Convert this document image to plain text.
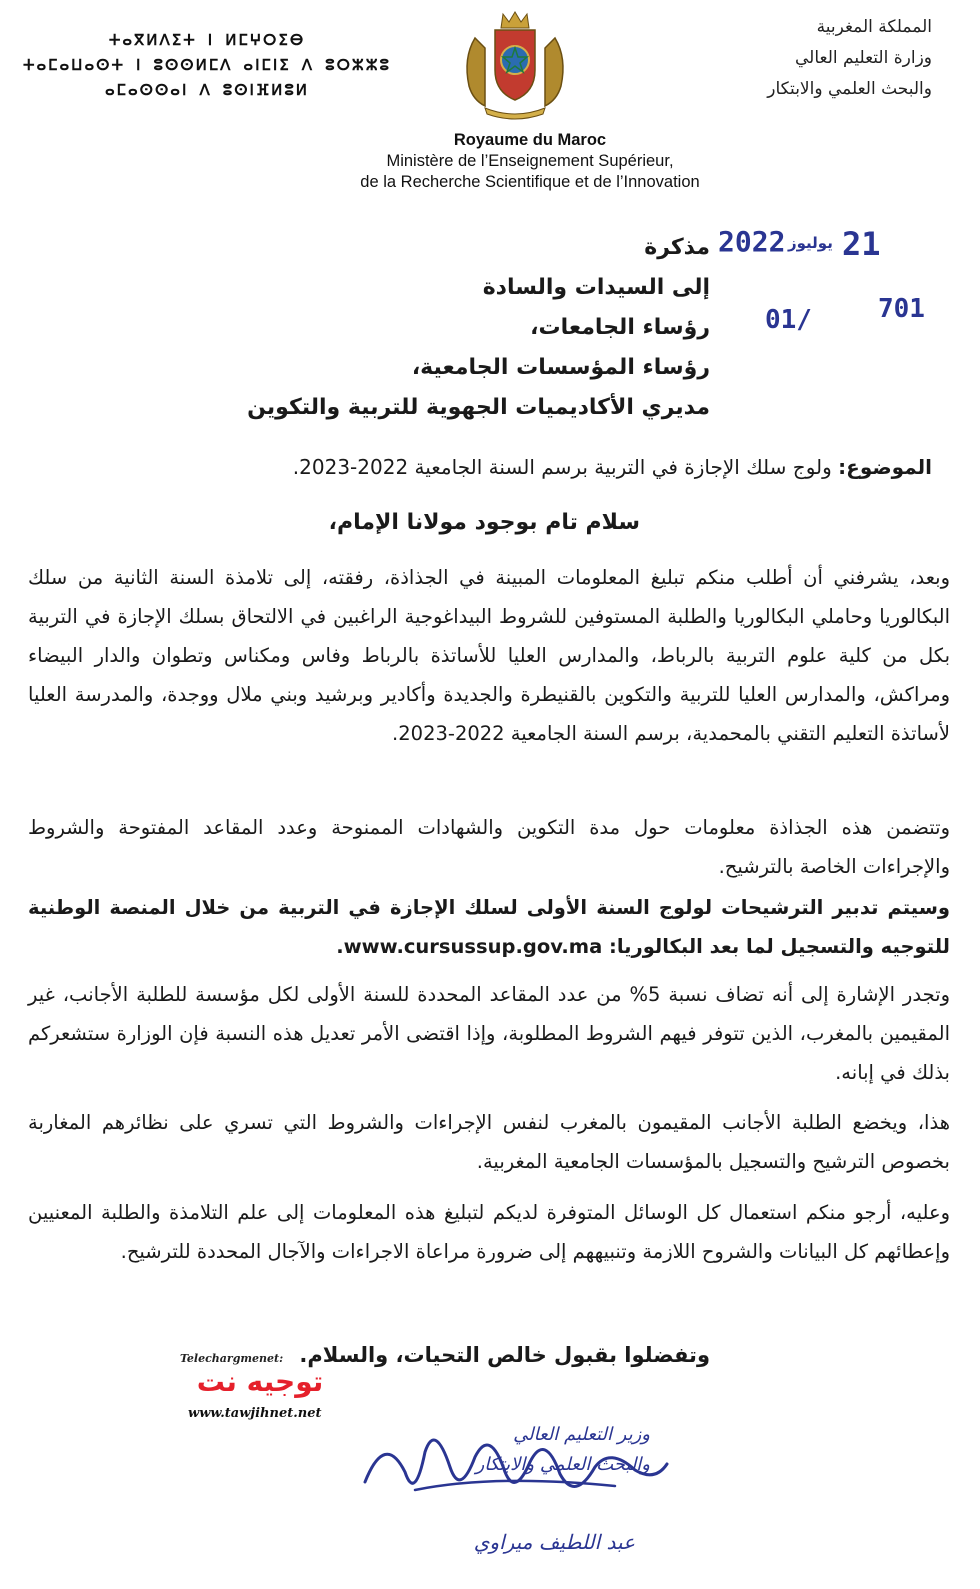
المملكة المغربية
وزارة التعليم العالي
والبحث العلمي والابتكار
ⵜⴰⴳⵍⴷⵉⵜ ⵏ ⵍⵎⵖⵔⵉⴱ
ⵜⴰⵎⴰⵡⴰⵙⵜ ⵏ ⵓⵙⵙⵍⵎⴷ ⴰⵏⵎⵏⵉ ⴷ ⵓⵔⵣⵣⵓ
ⴰⵎⴰⵙⵙⴰⵏ ⴷ ⵓⵙⵏⴼⵍⵓⵍ
Royaume du Maroc
Ministère de l’Enseignement Supérieur,
de la Recherche Scientifique et de l’Innovation
2022 يوليوز 21
01/	701
مذكرة
إلى السيدات والسادة
رؤساء الجامعات،
رؤساء المؤسسات الجامعية،
مديري الأكاديميات الجهوية للتربية والتكوين
الموضوع: ولوج سلك الإجازة في التربية برسم السنة الجامعية 2022-2023.
سلام تام بوجود مولانا الإمام،
وبعد، يشرفني أن أطلب منكم تبليغ المعلومات المبينة في الجذاذة، رفقته، إلى تلامذة السنة الثانية من سلك البكالوريا وحاملي البكالوريا والطلبة المستوفين للشروط البيداغوجية الراغبين في الالتحاق بسلك الإجازة في التربية بكل من كلية علوم التربية بالرباط، والمدارس العليا للأساتذة بالرباط وفاس ومكناس وتطوان والدار البيضاء ومراكش، والمدارس العليا للتربية والتكوين بالقنيطرة والجديدة وأكادير وبرشيد وبني ملال ووجدة، والمدرسة العليا لأساتذة التعليم التقني بالمحمدية، برسم السنة الجامعية 2022-2023.
وتتضمن هذه الجذاذة معلومات حول مدة التكوين والشهادات الممنوحة وعدد المقاعد المفتوحة والشروط والإجراءات الخاصة بالترشيح.
وسيتم تدبير الترشيحات لولوج السنة الأولى لسلك الإجازة في التربية من خلال المنصة الوطنية للتوجيه والتسجيل لما بعد البكالوريا: www.cursussup.gov.ma.
وتجدر الإشارة إلى أنه تضاف نسبة 5% من عدد المقاعد المحددة للسنة الأولى لكل مؤسسة للطلبة الأجانب، غير المقيمين بالمغرب، الذين تتوفر فيهم الشروط المطلوبة، وإذا اقتضى الأمر تعديل هذه النسبة فإن الوزارة ستشعركم بذلك في إبانه.
هذا، ويخضع الطلبة الأجانب المقيمون بالمغرب لنفس الإجراءات والشروط التي تسري على نظائرهم المغاربة بخصوص الترشيح والتسجيل بالمؤسسات الجامعية المغربية.
وعليه، أرجو منكم استعمال كل الوسائل المتوفرة لديكم لتبليغ هذه المعلومات إلى علم التلامذة والطلبة المعنيين وإعطائهم كل البيانات والشروح اللازمة وتنبيههم إلى ضرورة مراعاة الاجراءات والآجال المحددة للترشيح.
وتفضلوا بقبول خالص التحيات، والسلام.
Telechargmenet:
توجيه نت
www.tawjihnet.net
وزير التعليم العالي
والبحث العلمي والابتكار
عبد اللطيف ميراوي
